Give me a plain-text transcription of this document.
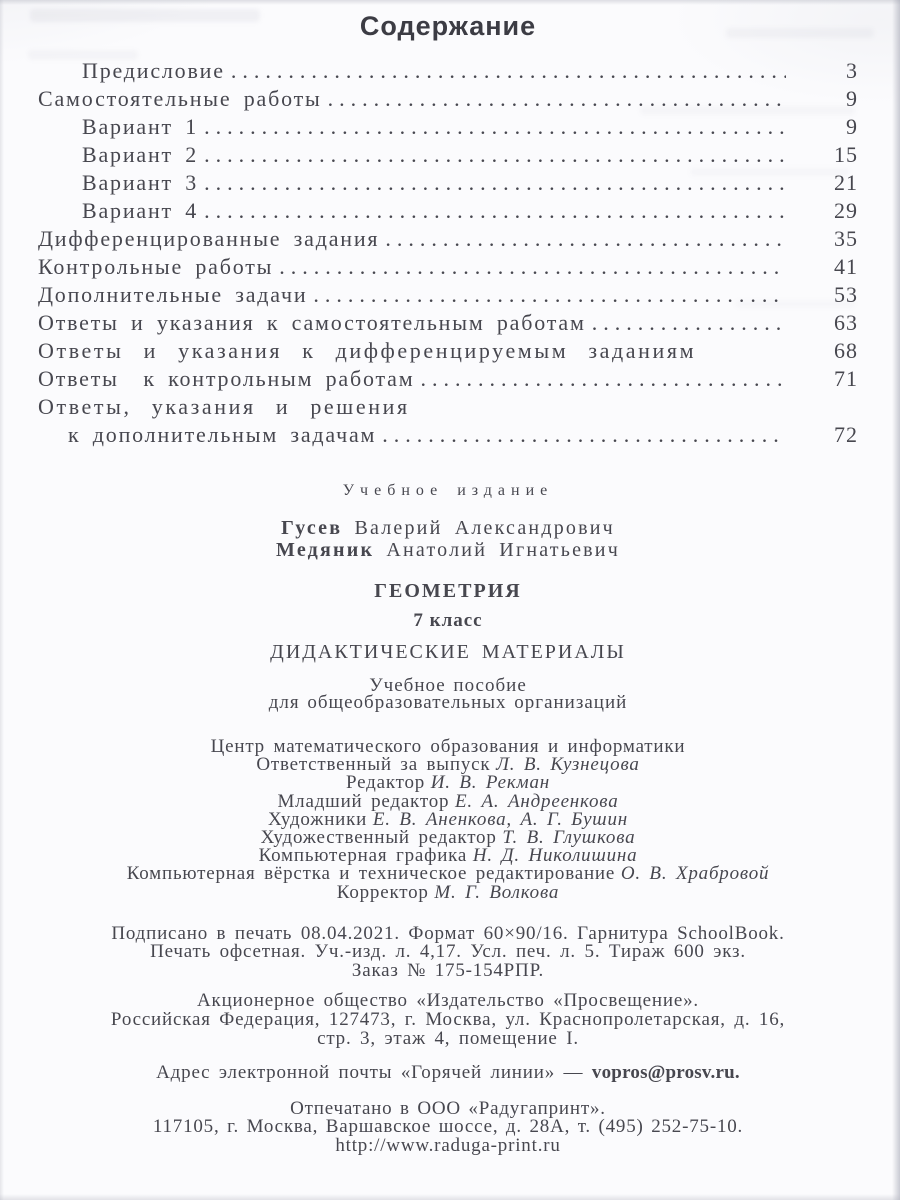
Содержание
Предисловие .....	3
Самостоятельные работы .....	9
Вариант 1 .....	9
Вариант 2 .....	15
Вариант 3 .....	21
Вариант 4 .....	29
Дифференцированные задания .....	35
Контрольные работы .....	41
Дополнительные задачи .....	53
Ответы и указания к самостоятельным работам .....	63
Ответы и указания к дифференцируемым заданиям	68
Ответы  к контрольным работам .....	71
Ответы, указания и решения
к дополнительным задачам .....	72
Учебное издание
Гусев Валерий Александрович
Медяник Анатолий Игнатьевич
ГЕОМЕТРИЯ
7 класс
ДИДАКТИЧЕСКИЕ МАТЕРИАЛЫ
Учебное пособие
для общеобразовательных организаций
Центр математического образования и информатики
Ответственный за выпуск Л. В. Кузнецова
Редактор И. В. Рекман
Младший редактор Е. А. Андреенкова
Художники Е. В. Аненкова, А. Г. Бушин
Художественный редактор Т. В. Глушкова
Компьютерная графика Н. Д. Николишина
Компьютерная вёрстка и техническое редактирование О. В. Храбровой
Корректор М. Г. Волкова
Подписано в печать 08.04.2021. Формат 60×90/16. Гарнитура SchoolBook.
Печать офсетная. Уч.-изд. л. 4,17. Усл. печ. л. 5. Тираж 600 экз.
Заказ № 175-154РПР.
Акционерное общество «Издательство «Просвещение».
Российская Федерация, 127473, г. Москва, ул. Краснопролетарская, д. 16,
стр. 3, этаж 4, помещение I.
Адрес электронной почты «Горячей линии» — vopros@prosv.ru.
Отпечатано в ООО «Радугапринт».
117105, г. Москва, Варшавское шоссе, д. 28А, т. (495) 252-75-10.
http://www.raduga-print.ru
